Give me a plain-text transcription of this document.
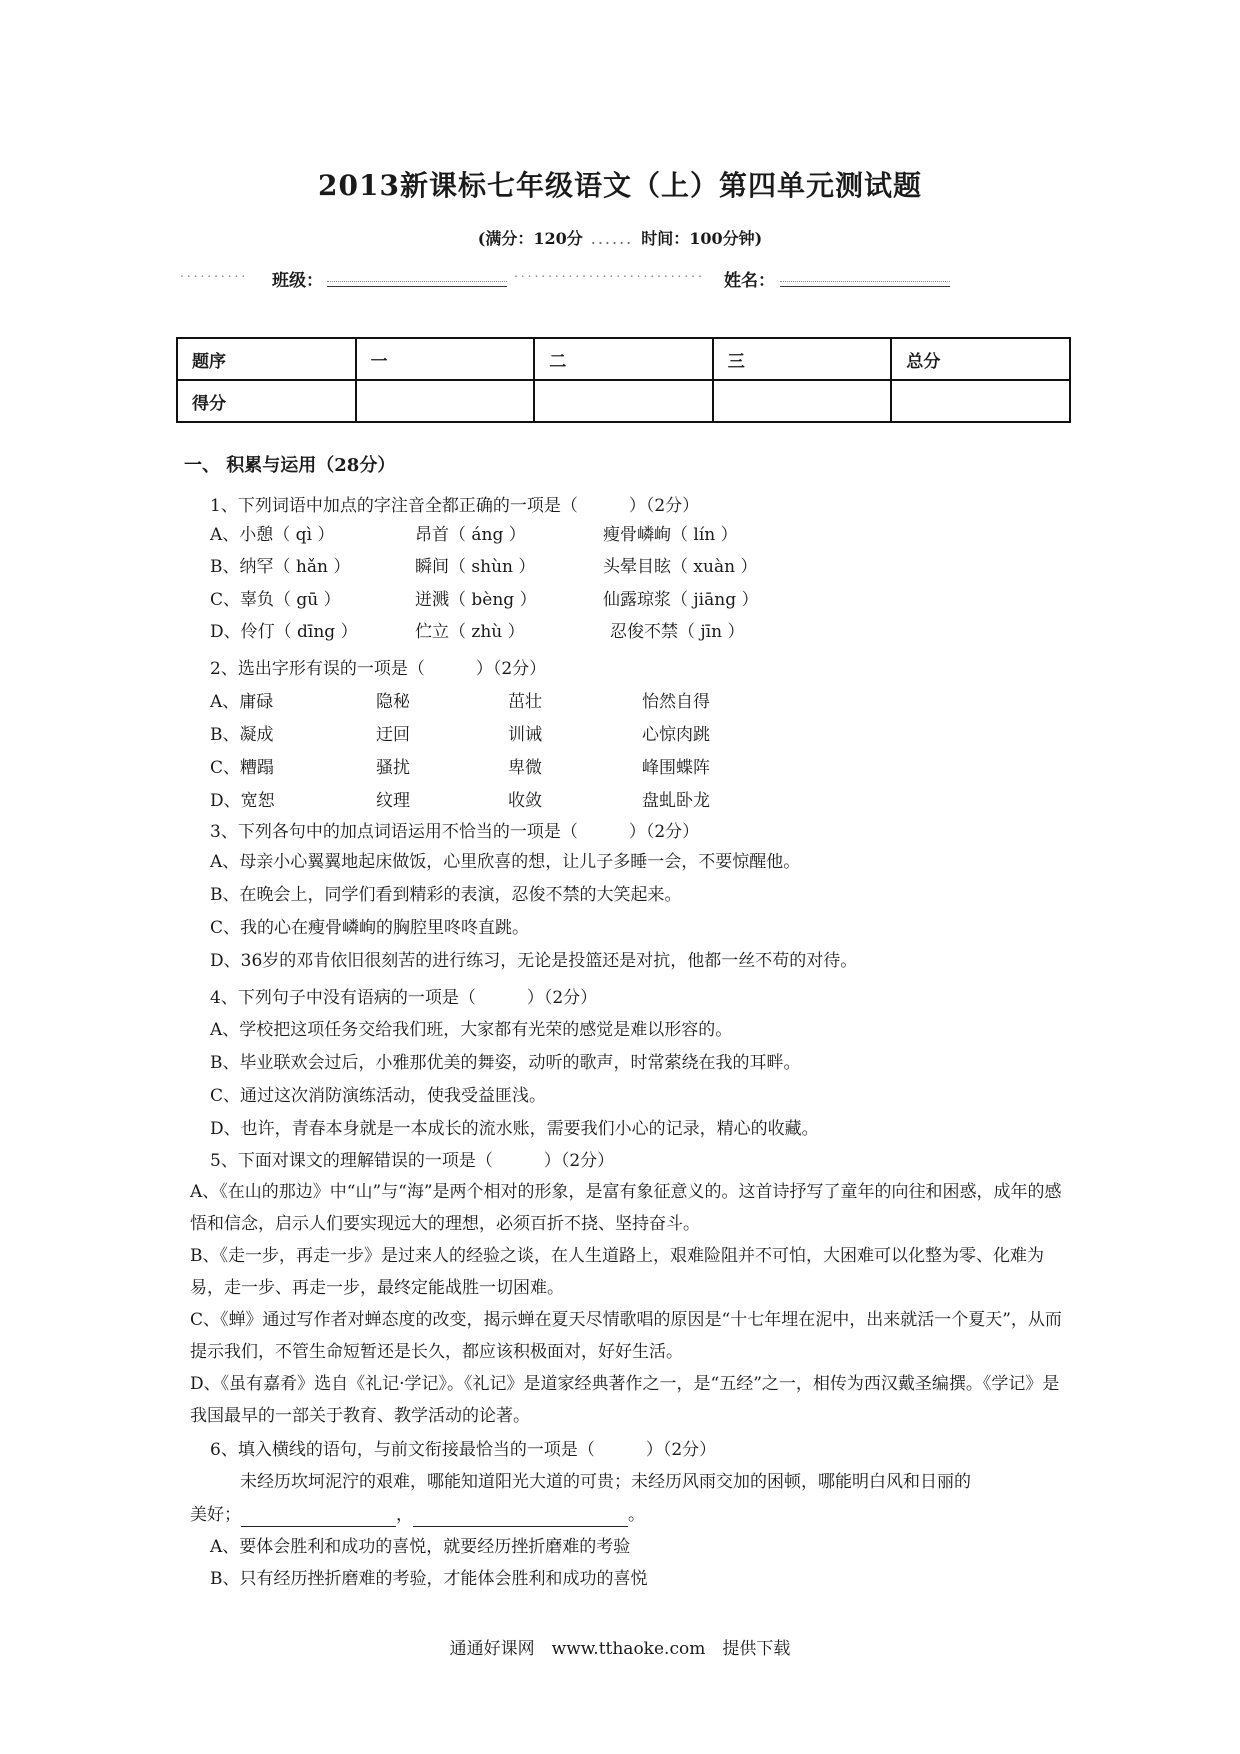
2013新课标七年级语文（上）第四单元测试题
(满分：120分 ...... 时间：100分钟)
.......... 班级：	............................ 姓名：
题序	一	二	三	总分
得分				
一、 积累与运用（28分）
1、下列词语中加点的字注音全都正确的一项是（　　　）（2分）
A、小憩（ qì ）	昂首（ áng ）	瘦骨嶙峋（ lín ）
B、纳罕（ hǎn ）	瞬间（ shùn ）	头晕目眩（ xuàn ）
C、辜负（ gū ）	迸溅（ bèng ）	仙露琼浆（ jiāng ）
D、伶仃（ dīng ）	伫立（ zhù ）	忍俊不禁（ jīn ）
2、选出字形有误的一项是（　　　）（2分）
A、庸碌	隐秘	茁壮	怡然自得
B、凝成	迂回	训诫	心惊肉跳
C、糟蹋	骚扰	卑微	峰围蝶阵
D、宽恕	纹理	收敛	盘虬卧龙
3、下列各句中的加点词语运用不恰当的一项是（　　　）（2分）
A、母亲小心翼翼地起床做饭，心里欣喜的想，让儿子多睡一会，不要惊醒他。
B、在晚会上，同学们看到精彩的表演，忍俊不禁的大笑起来。
C、我的心在瘦骨嶙峋的胸腔里咚咚直跳。
D、36岁的邓肯依旧很刻苦的进行练习，无论是投篮还是对抗，他都一丝不苟的对待。
4、下列句子中没有语病的一项是（　　　）（2分）
A、学校把这项任务交给我们班，大家都有光荣的感觉是难以形容的。
B、毕业联欢会过后，小雅那优美的舞姿，动听的歌声，时常萦绕在我的耳畔。
C、通过这次消防演练活动，使我受益匪浅。
D、也许，青春本身就是一本成长的流水账，需要我们小心的记录，精心的收藏。
5、下面对课文的理解错误的一项是（　　　）（2分）
A、《在山的那边》中“山”与“海”是两个相对的形象，是富有象征意义的。这首诗抒写了童年的向往和困惑，成年的感悟和信念，启示人们要实现远大的理想，必须百折不挠、坚持奋斗。
B、《走一步，再走一步》是过来人的经验之谈，在人生道路上，艰难险阻并不可怕，大困难可以化整为零、化难为易，走一步、再走一步，最终定能战胜一切困难。
C、《蝉》通过写作者对蝉态度的改变，揭示蝉在夏天尽情歌唱的原因是“十七年埋在泥中，出来就活一个夏天”，从而提示我们，不管生命短暂还是长久，都应该积极面对，好好生活。
D、《虽有嘉肴》选自《礼记·学记》。《礼记》是道家经典著作之一，是“五经”之一，相传为西汉戴圣编撰。《学记》是我国最早的一部关于教育、教学活动的论著。
6、填入横线的语句，与前文衔接最恰当的一项是（　　　）（2分）
未经历坎坷泥泞的艰难，哪能知道阳光大道的可贵；未经历风雨交加的困顿，哪能明白风和日丽的
美好；	，	。
A、要体会胜利和成功的喜悦，就要经历挫折磨难的考验
B、只有经历挫折磨难的考验，才能体会胜利和成功的喜悦
通通好课网　www.tthaoke.com　提供下载
